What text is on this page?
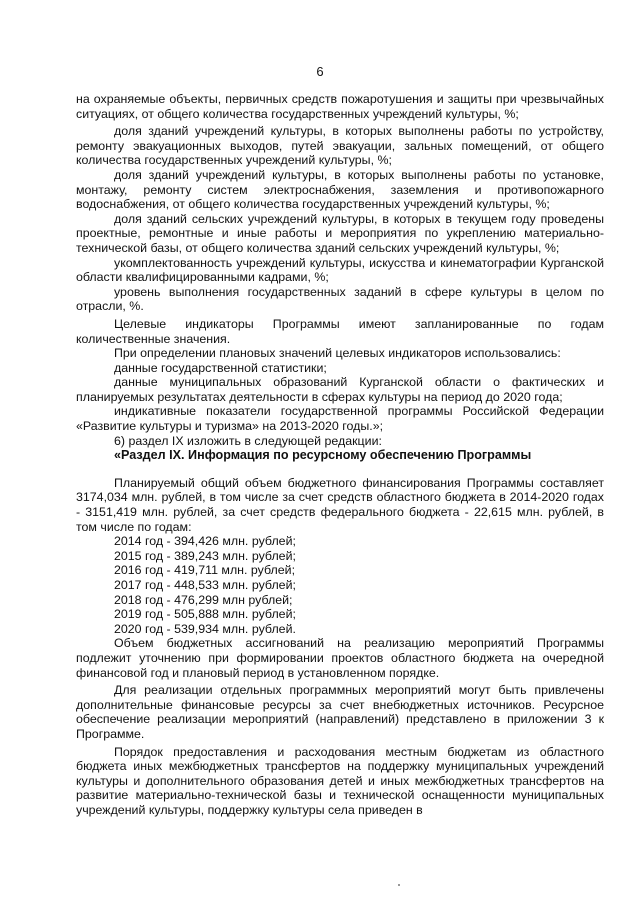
6

на охраняемые объекты, первичных средств пожаротушения и защиты при чрезвычайных ситуациях, от общего количества государственных учреждений культуры, %;

доля зданий учреждений культуры, в которых выполнены работы по устройству, ремонту эвакуационных выходов, путей эвакуации, зальных помещений, от общего количества государственных учреждений культуры, %;

доля зданий учреждений культуры, в которых выполнены работы по установке, монтажу, ремонту систем электроснабжения, заземления и противопожарного водоснабжения, от общего количества государственных учреждений культуры, %;

доля зданий сельских учреждений культуры, в которых в текущем году проведены проектные, ремонтные и иные работы и мероприятия по укреплению материально-технической базы, от общего количества зданий сельских учреждений культуры, %;

укомплектованность учреждений культуры, искусства и кинематографии Курганской области квалифицированными кадрами, %;

уровень выполнения государственных заданий в сфере культуры в целом по отрасли, %.

Целевые индикаторы Программы имеют запланированные по годам количественные значения.

При определении плановых значений целевых индикаторов использовались:

данные государственной статистики;

данные муниципальных образований Курганской области о фактических и планируемых результатах деятельности в сферах культуры на период до 2020 года;

индикативные показатели государственной программы Российской Федерации «Развитие культуры и туризма» на 2013-2020 годы.»;

6) раздел IX изложить в следующей редакции:

«Раздел IX. Информация по ресурсному обеспечению Программы

Планируемый общий объем бюджетного финансирования Программы составляет 3174,034 млн. рублей, в том числе за счет средств областного бюджета в 2014-2020 годах - 3151,419 млн. рублей, за счет средств федерального бюджета - 22,615 млн. рублей, в том числе по годам:

2014 год - 394,426 млн. рублей;

2015 год - 389,243 млн. рублей;

2016 год - 419,711 млн. рублей;

2017 год - 448,533 млн. рублей;

2018 год - 476,299 млн рублей;

2019 год - 505,888 млн. рублей;

2020 год - 539,934 млн. рублей.

Объем бюджетных ассигнований на реализацию мероприятий Программы подлежит уточнению при формировании проектов областного бюджета на очередной финансовой год и плановый период в установленном порядке.

Для реализации отдельных программных мероприятий могут быть привлечены дополнительные финансовые ресурсы за счет внебюджетных источников. Ресурсное обеспечение реализации мероприятий (направлений) представлено в приложении 3 к Программе.

Порядок предоставления и расходования местным бюджетам из областного бюджета иных межбюджетных трансфертов на поддержку муниципальных учреждений культуры и дополнительного образования детей и иных межбюджетных трансфертов на развитие материально-технической базы и технической оснащенности муниципальных учреждений культуры, поддержку культуры села приведен в
